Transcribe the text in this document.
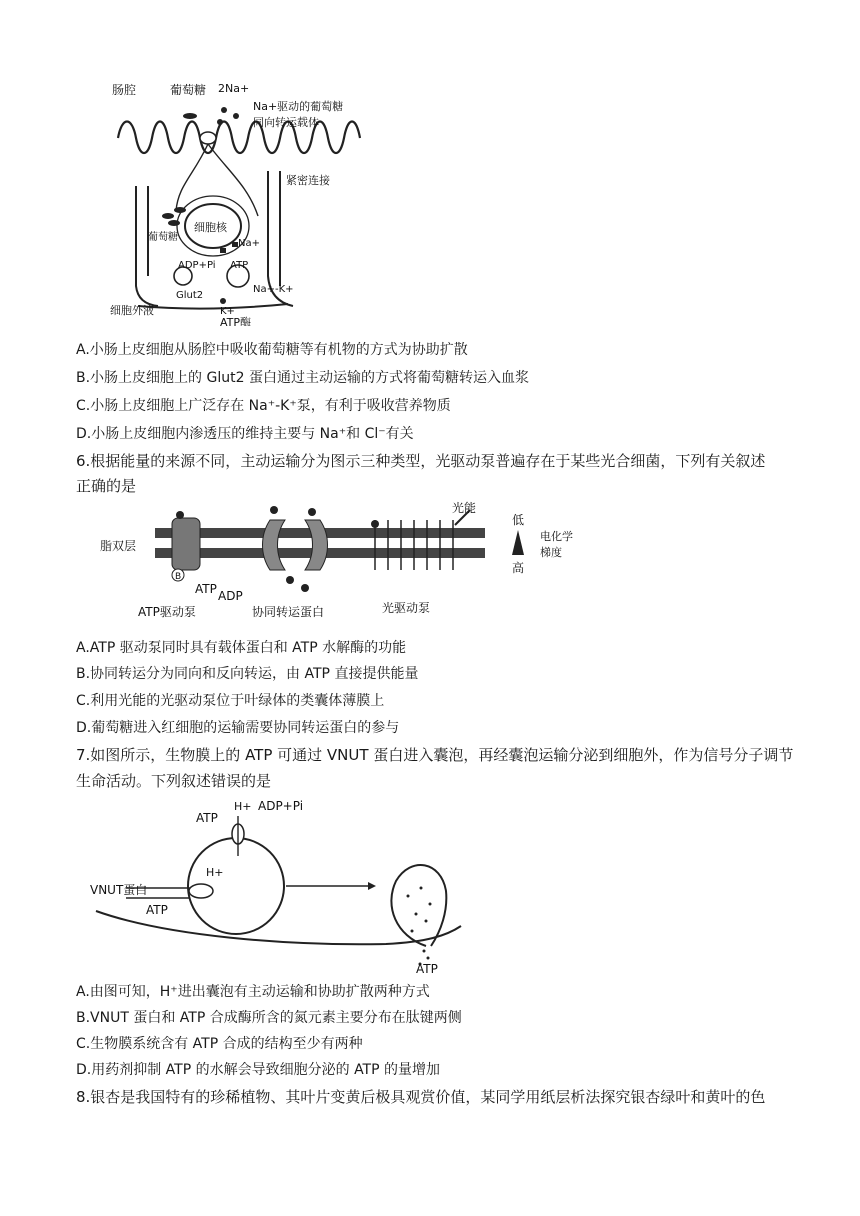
肠腔	葡萄糖 2Na+
Na+驱动的葡萄糖
同向转运载体
紧密连接
葡萄糖
细胞核
ADP+Pi ATP
Na+
Glut2
K+
Na+-K+
细胞外液
ATP酶
A.小肠上皮细胞从肠腔中吸收葡萄糖等有机物的方式为协助扩散
B.小肠上皮细胞上的 Glut2 蛋白通过主动运输的方式将葡萄糖转运入血浆
C.小肠上皮细胞上广泛存在 Na⁺-K⁺泵，有利于吸收营养物质
D.小肠上皮细胞内渗透压的维持主要与 Na⁺和 Cl⁻有关
6.根据能量的来源不同，主动运输分为图示三种类型，光驱动泵普遍存在于某些光合细菌，下列有关叙述
正确的是
脂双层
ATP ADP
B
ATP驱动泵	协同转运蛋白
光能
光驱动泵
低
高
电化学
梯度
A.ATP 驱动泵同时具有载体蛋白和 ATP 水解酶的功能
B.协同转运分为同向和反向转运，由 ATP 直接提供能量
C.利用光能的光驱动泵位于叶绿体的类囊体薄膜上
D.葡萄糖进入红细胞的运输需要协同转运蛋白的参与
7.如图所示，生物膜上的 ATP 可通过 VNUT 蛋白进入囊泡，再经囊泡运输分泌到细胞外，作为信号分子调节
生命活动。下列叙述错误的是
ATP
H+ ADP+Pi
H+
VNUT蛋白
ATP
ATP
A.由图可知，H⁺进出囊泡有主动运输和协助扩散两种方式
B.VNUT 蛋白和 ATP 合成酶所含的氮元素主要分布在肽键两侧
C.生物膜系统含有 ATP 合成的结构至少有两种
D.用药剂抑制 ATP 的水解会导致细胞分泌的 ATP 的量增加
8.银杏是我国特有的珍稀植物、其叶片变黄后极具观赏价值，某同学用纸层析法探究银杏绿叶和黄叶的色
